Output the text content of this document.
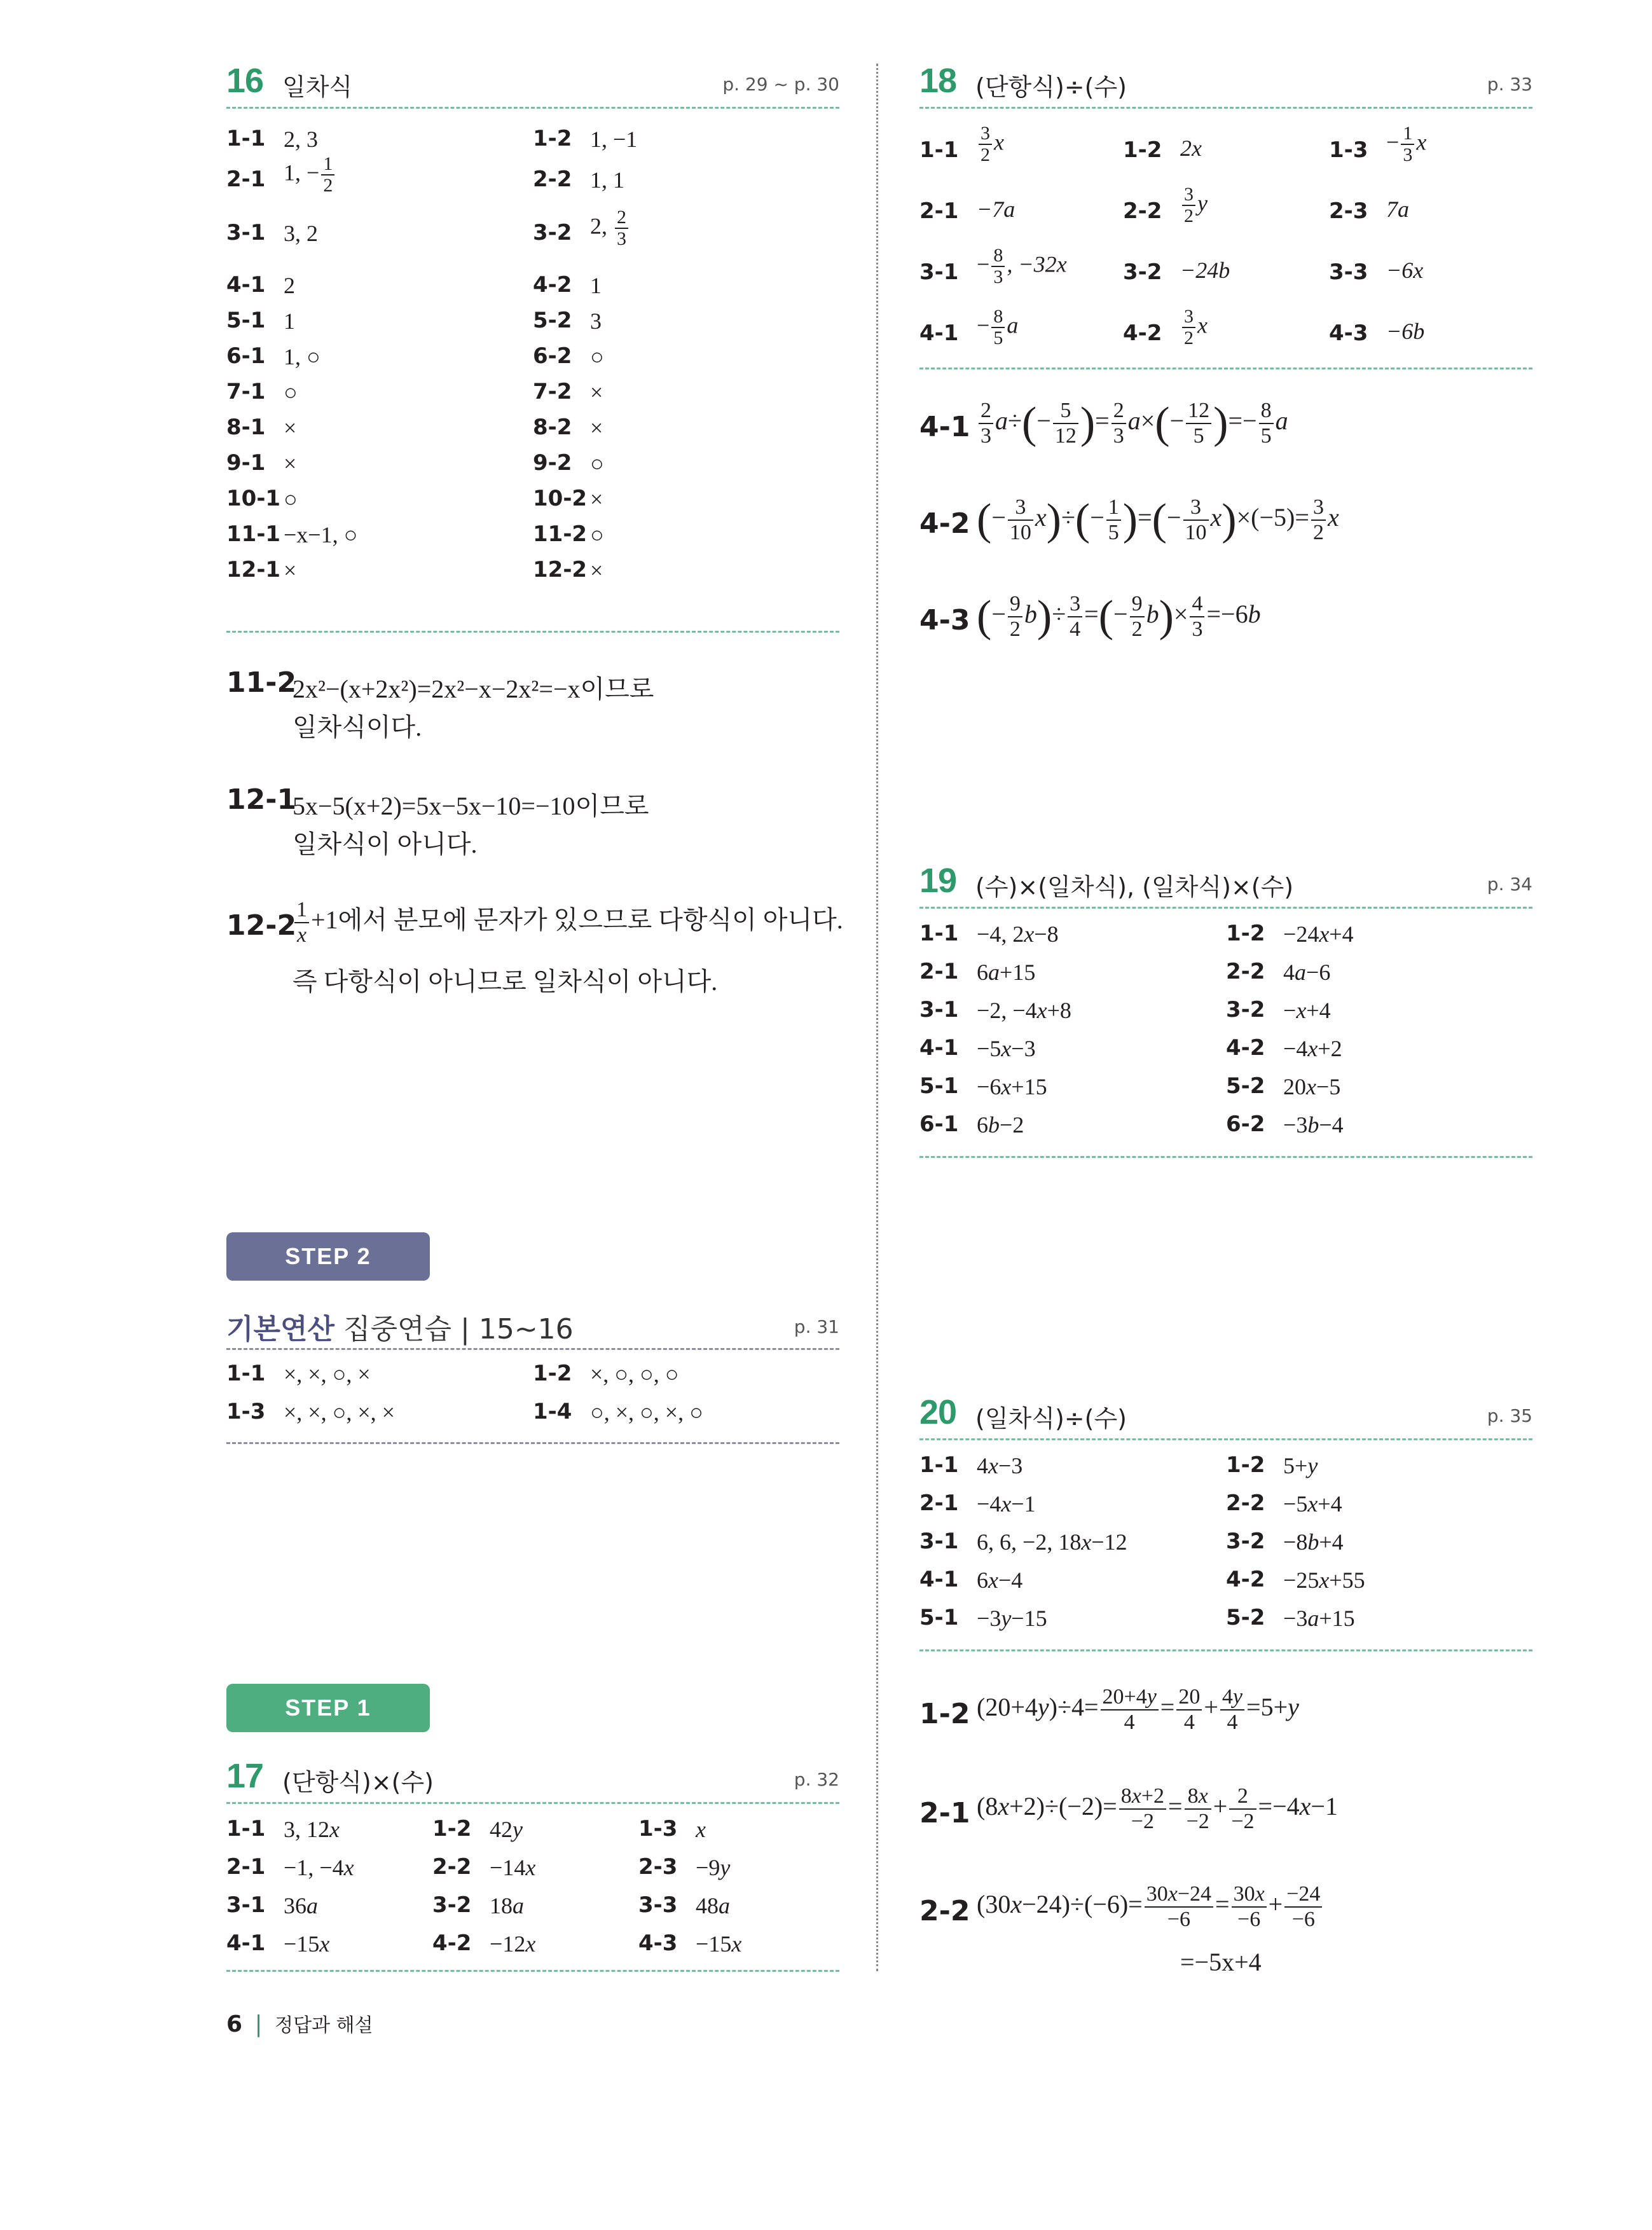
16 일차식	p. 29 ~ p. 30
1-1 2, 3	1-2 1, −1
2-1 1, − $\frac{1}{2}$	2-2 1, 1
3-1 3, 2	3-2 2, $\frac{2}{3}$
4-1 2	4-2 1
5-1 1	5-2 3
6-1 1, ○	6-2 ○
7-1 ○	7-2 ×
8-1 ×	8-2 ×
9-1 ×	9-2 ○
10-1 ○	10-2 ×
11-1 −x−1, ○	11-2 ○
12-1 ×	12-2 ×
11-2
2x²−(x+2x²)=2x²−x−2x²=−x이므로
일차식이다.
12-1
5x−5(x+2)=5x−5x−10=−10이므로
일차식이 아니다.
12-2
$\frac{1}{x} +1$에서 분모에 문자가 있으므로 다항식이 아니다.
즉 다항식이 아니므로 일차식이 아니다.
STEP 2
기본연산 집중연습 | 15~16	p. 31
1-1 ×, ×, ○, ×	1-2 ×, ○, ○, ○
1-3 ×, ×, ○, ×, ×	1-4 ○, ×, ○, ×, ○
STEP 1
17 (단항식)×(수)	p. 32
1-1 3, 12x	1-2 42y	1-3 x
2-1 −1, −4x	2-2 −14x	2-3 −9y
3-1 36a	3-2 18a	3-3 48a
4-1 −15x	4-2 −12x	4-3 −15x
6 | 정답과 해설
18 (단항식)÷(수)	p. 33
$1-1 \frac{3}{2}$ x	1-2 2x	$1-3 - \frac{1}{3}$ x
2-1 −7a	$2-2 \frac{3}{2}$ y	2-3 7a
$3-1 - \frac{8}{3}$ , −32x	3-2 −24b	3-3 −6x
$4-1 - \frac{8}{5}$ a	$4-2 \frac{3}{2}$ x	4-3 −6b
$4-1 \frac{2}{3} a\div(- \frac{5}{12}$ )= $\frac{2}{3} a\times(- \frac{12}{5}$ )=− $\frac{8}{5}$ a
4-2 (− $\frac{3}{10} x)\div(- \frac{1}{5}$ )=(− $\frac{3}{10} x)\times(-5)= \frac{3}{2}$ x
4-3 (− $\frac{9}{2} b)\div \frac{3}{4}$ =(− $\frac{9}{2} b)\times \frac{4}{3} =-6b$
19 (수)×(일차식), (일차식)×(수)	p. 34
1-1 −4, 2x−8	1-2 −24x+4
2-1 6a+15	2-2 4a−6
3-1 −2, −4x+8	3-2 −x+4
4-1 −5x−3	4-2 −4x+2
5-1 −6x+15	5-2 20x−5
6-1 6b−2	6-2 −3b−4
20 (일차식)÷(수)	p. 35
1-1 4x−3	1-2 5+y
2-1 −4x−1	2-2 −5x+4
3-1 6, 6, −2, 18x−12	3-2 −8b+4
4-1 6x−4	4-2 −25x+55
5-1 −3y−15	5-2 −3a+15
1-2 $(20+4y)\div 4= \frac{20+4y}{4} = \frac{20}{4} + \frac{4y}{4} =5+y$
2-1 $(8x+2)\div(-2)= \frac{8x+2}{-2} = \frac{8x}{-2} + \frac{2}{-2} =-4x-1$
2-2 $(30x-24)\div(-6)= \frac{30x-24}{-6} = \frac{30x}{-6} + \frac{-24}{-6}$
=−5x+4
